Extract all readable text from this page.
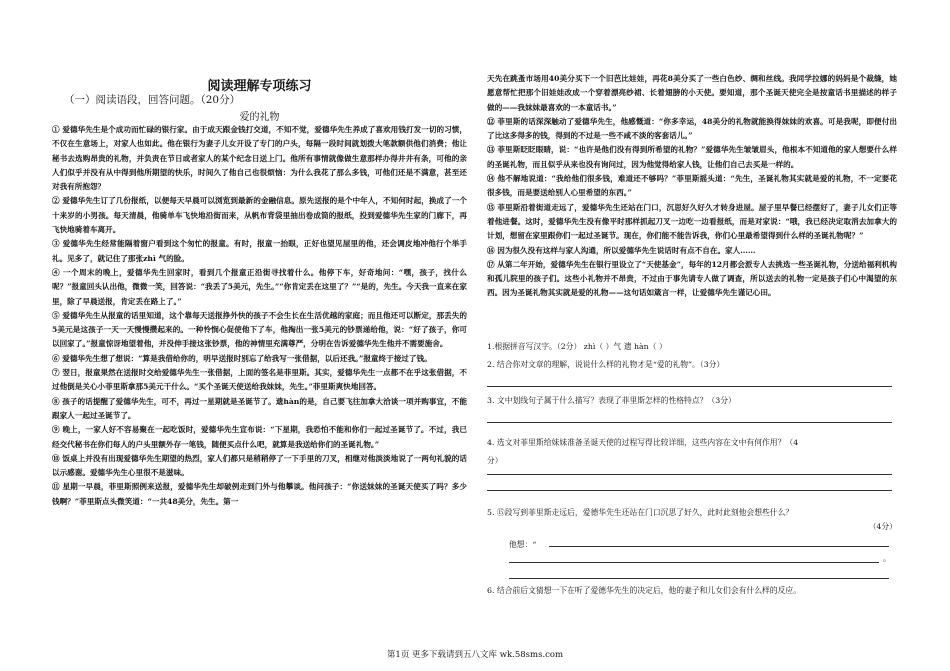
阅读理解专项练习
（一）阅读语段，回答问题。（20分）
爱的礼物

① 爱德华先生是个成功而忙碌的银行家。由于成天跟金钱打交道，不知不觉，爱德华先生养成了喜欢用钱打发一切的习惯，不仅在生意场上，对家人也如此。他在银行为妻子儿女开设了专门的户头，每隔一段时间就划拨大笔款额供他们消费；他让秘书去选购昂贵的礼物，并负责在节日或者家人的某个纪念日送上门。他所有事情就像做生意那样办得井井有条，可他的亲人们似乎并没有从中得到他所期望的快乐，时间久了他自己也很烦恼：为什么我花了那么多钱，可他们还是不满意，甚至还对我有所抱怨？

② 爱德华先生订了几份报纸，以便每天早晨可以浏览到最新的金融信息。原先送报的是个中年人，不知何时起，换成了一个十来岁的小男孩。每天清晨，他骑单车飞快地沿街而来，从帆布背袋里抽出卷成筒的报纸，投到爱德华先生家的门廊下，再飞快地骑着车离开。

③ 爱德华先生经常能隔着窗户看到这个匆忙的报童。有时，报童一抬眼，正好也望见屋里的他，还会调皮地冲他行个举手礼。见多了，就记住了那张zhì 气的脸。

④ 一个周末的晚上，爱德华先生回家时，看到几个报童正沿街寻找着什么。他停下车，好奇地问：“嘿，孩子，找什么呢？”报童回头认出他，微微一笑，回答说：“我丢了5美元，先生。”“你肯定丢在这里了？”“是的，先生。今天我一直来在家里，除了早晨送报，肯定丢在路上了。”

⑤ 爱德华先生从报童的话里知道，这个靠每天送报挣外快的孩子不会生长在生活优越的家庭；而且他还可以断定，那丢失的5美元是这孩子一天一天慢慢攒起来的。一种怜悯心促使他下了车，他掏出一张5美元的钞票递给他，说：“好了孩子，你可以回家了。”报童惊讶地望着他，并没伸手接这张钞票，他的神情里充满尊严，分明在告诉爱德华先生他并不需要施舍。

⑥ 爱德华先生想了想说：“算是我借给你的，明早送报时别忘了给我写一张借据，以后还我。”报童终于接过了钱。

⑦ 翌日，报童果然在送报时交给爱德华先生一张借据，上面的签名是菲里斯。其实，爱德华先生一点都不在乎这张借据，不过他倒是关心小菲里斯拿那5美元干什么。“买个圣诞天使送给我妹妹，先生。”菲里斯爽快地回答。

⑧ 孩子的话提醒了爱德华先生，可不，再过一星期就是圣诞节了。遗hàn的是，自己要飞往加拿大洽谈一项并购事宜，不能跟家人一起过圣诞节了。

⑨ 晚上，一家人好不容易聚在一起吃饭时，爱德华先生宣布说：“下星期，我恐怕不能和你们一起过圣诞节了。不过，我已经交代秘书在你们每人的户头里额外存一笔钱，随便买点什么吧，就算是我送给你们的圣诞礼物。”

⑩ 饭桌上并没有出现爱德华先生期望的热烈，家人们都只是稍稍停了一下手里的刀叉，相继对他淡淡地说了一两句礼貌的话以示感谢。爱德华先生心里很不是滋味。

⑪ 星期一早晨，菲里斯照例来送报，爱德华先生却破例走到门外与他攀谈。他问孩子：“你送妹妹的圣诞天使买了吗？多少钱啊？”菲里斯点头微笑道：“一共48美分，先生。第一

天先在跳蚤市场用40美分买下一个旧芭比娃娃，再花8美分买了一些白色纱、绸和丝线。我同学拉娜的妈妈是个裁缝，她愿意帮忙把那个旧娃娃改成一个穿着漂亮纱裙、长着翅膀的小天使。要知道，那个圣诞天使完全是按童话书里描述的样子做的——我妹妹最喜欢的一本童话书。”

⑫ 菲里斯的话深深触动了爱德华先生，他感慨道：“你多幸运，48美分的礼物就能换得妹妹的欢喜。可是我呢，即便付出了比这多得多的钱，得到的不过是一些不咸不淡的客套话儿。”

⑬ 菲里斯眨眨眼睛，说：“也许是他们没有得到所希望的礼物？”爱德华先生皱皱眉头，他根本不知道他的家人想要什么样的圣诞礼物，而且似乎从来也没有询问过，因为他觉得给家人钱，让他们自己去买是一样的。

⑭ 他不解地说道：“我给他们很多钱，难道还不够吗？”菲里斯摇头道：“先生，圣诞礼物其实就是爱的礼物，不一定要花很多钱，而是要送给别人心里希望的东西。”

⑮ 菲里斯沿着街道走远了，爱德华先生还站在门口，沉思好久好久才转身进屋。屋子里早餐已经摆好了，妻子儿女们正等着他进餐。这时，爱德华先生没有像平时那样抓起刀叉一边吃一边看报纸，而是对家说：“哦，我已经决定取消去加拿大的计划，想留在家里跟你们一起过圣诞节。现在，你们能不能告诉我，你们心里最希望得到什么样的圣诞礼物呢？”

⑯ 因为很久没有这样与家人沟通，所以爱德华先生说话时有点不自在。家人……

⑰ 从第二年开始，爱德华先生在银行里设立了“天使基金”，每年的12月都会派专人去挑选一些圣诞礼物，分送给福利机构和孤儿院里的孩子们。这些小礼物并不昂贵，不过由于事先请专人做了调查，所以送去的礼物一定是孩子们心中渴望的东西。因为圣诞礼物其实就是爱的礼物——这句话如箴言一样，让爱德华先生谨记心田。

1.根据拼音写汉字。（2分） zhì（ ）气 遗 hàn（ ）
2. 结合你对文章的理解，说说什么样的礼物才是“爱的礼物”。（3分）
3. 文中划线句子属于什么描写？表现了菲里斯怎样的性格特点？（3分）
4. 选文对菲里斯给妹妹准备圣诞天使的过程写得比较详细，这些内容在文中有何作用？（4
分）
5. ⑮段写到菲里斯走远后，爱德华先生还站在门口沉思了好久，此时此刻他会想些什么？
（4分）
他想：“
。
6. 结合前后文猜想一下在听了爱德华先生的决定后，他的妻子和儿女们会有什么样的反应。
第1页 更多下载请到五八文库 wk.58sms.com
